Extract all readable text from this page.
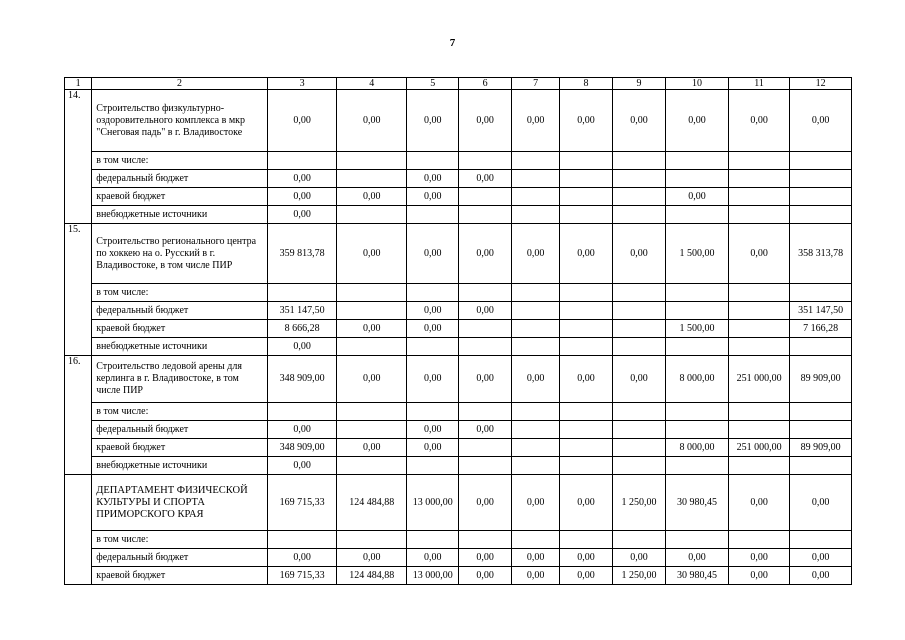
7
1	2	3	4	5	6	7	8	9	10	11	12
14.	Строительство физкультурно-оздоровительного комплекса в мкр "Снеговая падь" в г. Владивостоке	0,00	0,00	0,00	0,00	0,00	0,00	0,00	0,00	0,00	0,00
	в том числе:										
	федеральный бюджет	0,00		0,00	0,00						
	краевой бюджет	0,00	0,00	0,00					0,00		
	внебюджетные источники	0,00									
15.	Строительство регионального центра по хоккею на о. Русский в г. Владивостоке, в том числе ПИР	359 813,78	0,00	0,00	0,00	0,00	0,00	0,00	1 500,00	0,00	358 313,78
	в том числе:										
	федеральный бюджет	351 147,50		0,00	0,00						351 147,50
	краевой бюджет	8 666,28	0,00	0,00					1 500,00		7 166,28
	внебюджетные источники	0,00									
16.	Строительство ледовой арены для керлинга в г. Владивостоке, в том числе ПИР	348 909,00	0,00	0,00	0,00	0,00	0,00	0,00	8 000,00	251 000,00	89 909,00
	в том числе:										
	федеральный бюджет	0,00		0,00	0,00						
	краевой бюджет	348 909,00	0,00	0,00					8 000,00	251 000,00	89 909,00
	внебюджетные источники	0,00									
	ДЕПАРТАМЕНТ ФИЗИЧЕСКОЙ КУЛЬТУРЫ И СПОРТА ПРИМОРСКОГО КРАЯ	169 715,33	124 484,88	13 000,00	0,00	0,00	0,00	1 250,00	30 980,45	0,00	0,00
	в том числе:										
	федеральный бюджет	0,00	0,00	0,00	0,00	0,00	0,00	0,00	0,00	0,00	0,00
	краевой бюджет	169 715,33	124 484,88	13 000,00	0,00	0,00	0,00	1 250,00	30 980,45	0,00	0,00
